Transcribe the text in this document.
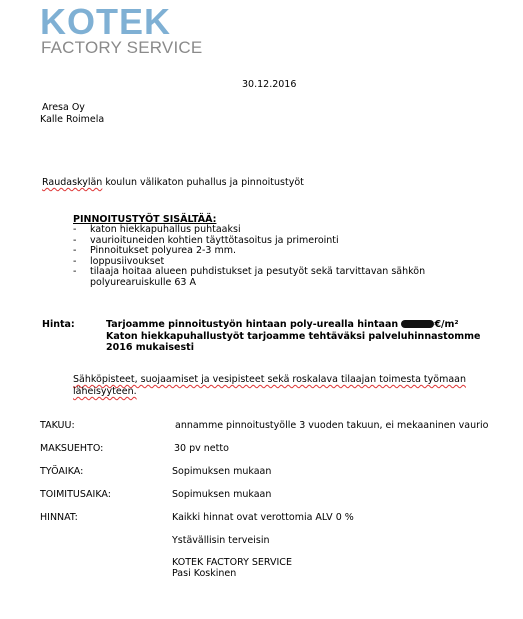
KOTEK
FACTORY SERVICE
30.12.2016
Aresa Oy
Kalle Roimela
Raudaskylän koulun välikaton puhallus ja pinnoitustyöt
PINNOITUSTYÖT SISÄLTÄÄ:
- katon hiekkapuhallus puhtaaksi
- vaurioituneiden kohtien täyttötasoitus ja primerointi
- Pinnoitukset polyurea 2-3 mm.
- loppusiivoukset
- tilaaja hoitaa alueen puhdistukset ja pesutyöt sekä tarvittavan sähkön polyurearuiskulle 63 A
Hinta:	Tarjoamme pinnoitustyön hintaan poly-urealla hintaan	€/m²
Katon hiekkapuhallustyöt tarjoamme tehtäväksi palveluhinnastomme
2016 mukaisesti
Sähköpisteet, suojaamiset ja vesipisteet sekä roskalava tilaajan toimesta työmaan läheisyyteen.
TAKUU:	annamme pinnoitustyölle 3 vuoden takuun, ei mekaaninen vaurio
MAKSUEHTO:	30 pv netto
TYÖAIKA:	Sopimuksen mukaan
TOIMITUSAIKA:	Sopimuksen mukaan
HINNAT:	Kaikki hinnat ovat verottomia ALV 0 %
Ystävällisin terveisin
KOTEK FACTORY SERVICE
Pasi Koskinen
